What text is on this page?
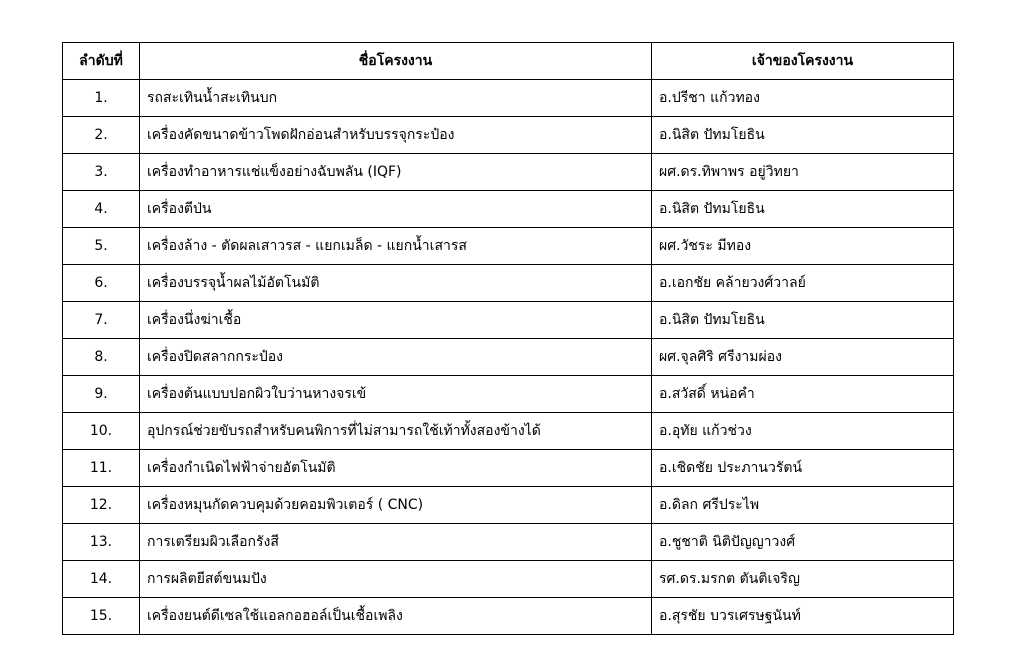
ลำดับที่	ชื่อโครงงาน	เจ้าของโครงงาน
1.	รถสะเทินน้ำสะเทินบก	อ.ปรีชา แก้วทอง
2.	เครื่องคัดขนาดข้าวโพดฝักอ่อนสำหรับบรรจุกระป๋อง	อ.นิสิต ปัทมโยธิน
3.	เครื่องทำอาหารแช่แข็งอย่างฉับพลัน (IQF)	ผศ.ดร.ทิพาพร อยู่วิทยา
4.	เครื่องตีป่น	อ.นิสิต ปัทมโยธิน
5.	เครื่องล้าง - ตัดผลเสาวรส - แยกเมล็ด - แยกน้ำเสารส	ผศ.วัชระ มีทอง
6.	เครื่องบรรจุน้ำผลไม้อัตโนมัติ	อ.เอกชัย คล้ายวงศ์วาลย์
7.	เครื่องนึ่งฆ่าเชื้อ	อ.นิสิต ปัทมโยธิน
8.	เครื่องปิดสลากกระป๋อง	ผศ.จุลศิริ ศรีงามผ่อง
9.	เครื่องต้นแบบปอกผิวใบว่านหางจรเข้	อ.สวัสดิ์ หน่อคำ
10.	อุปกรณ์ช่วยขับรถสำหรับคนพิการที่ไม่สามารถใช้เท้าทั้งสองข้างได้	อ.อุทัย แก้วช่วง
11.	เครื่องกำเนิดไฟฟ้าจ่ายอัตโนมัติ	อ.เชิดชัย ประภานวรัตน์
12.	เครื่องหมุนกัดควบคุมด้วยคอมพิวเตอร์ ( CNC)	อ.ดิลก ศรีประไพ
13.	การเตรียมผิวเลือกรังสี	อ.ชูชาติ นิติปัญญาวงศ์
14.	การผลิตยีสต์ขนมปัง	รศ.ดร.มรกต ตันติเจริญ
15.	เครื่องยนต์ดีเซลใช้แอลกอฮอล์เป็นเชื้อเพลิง	อ.สุรชัย บวรเศรษฐนันท์
